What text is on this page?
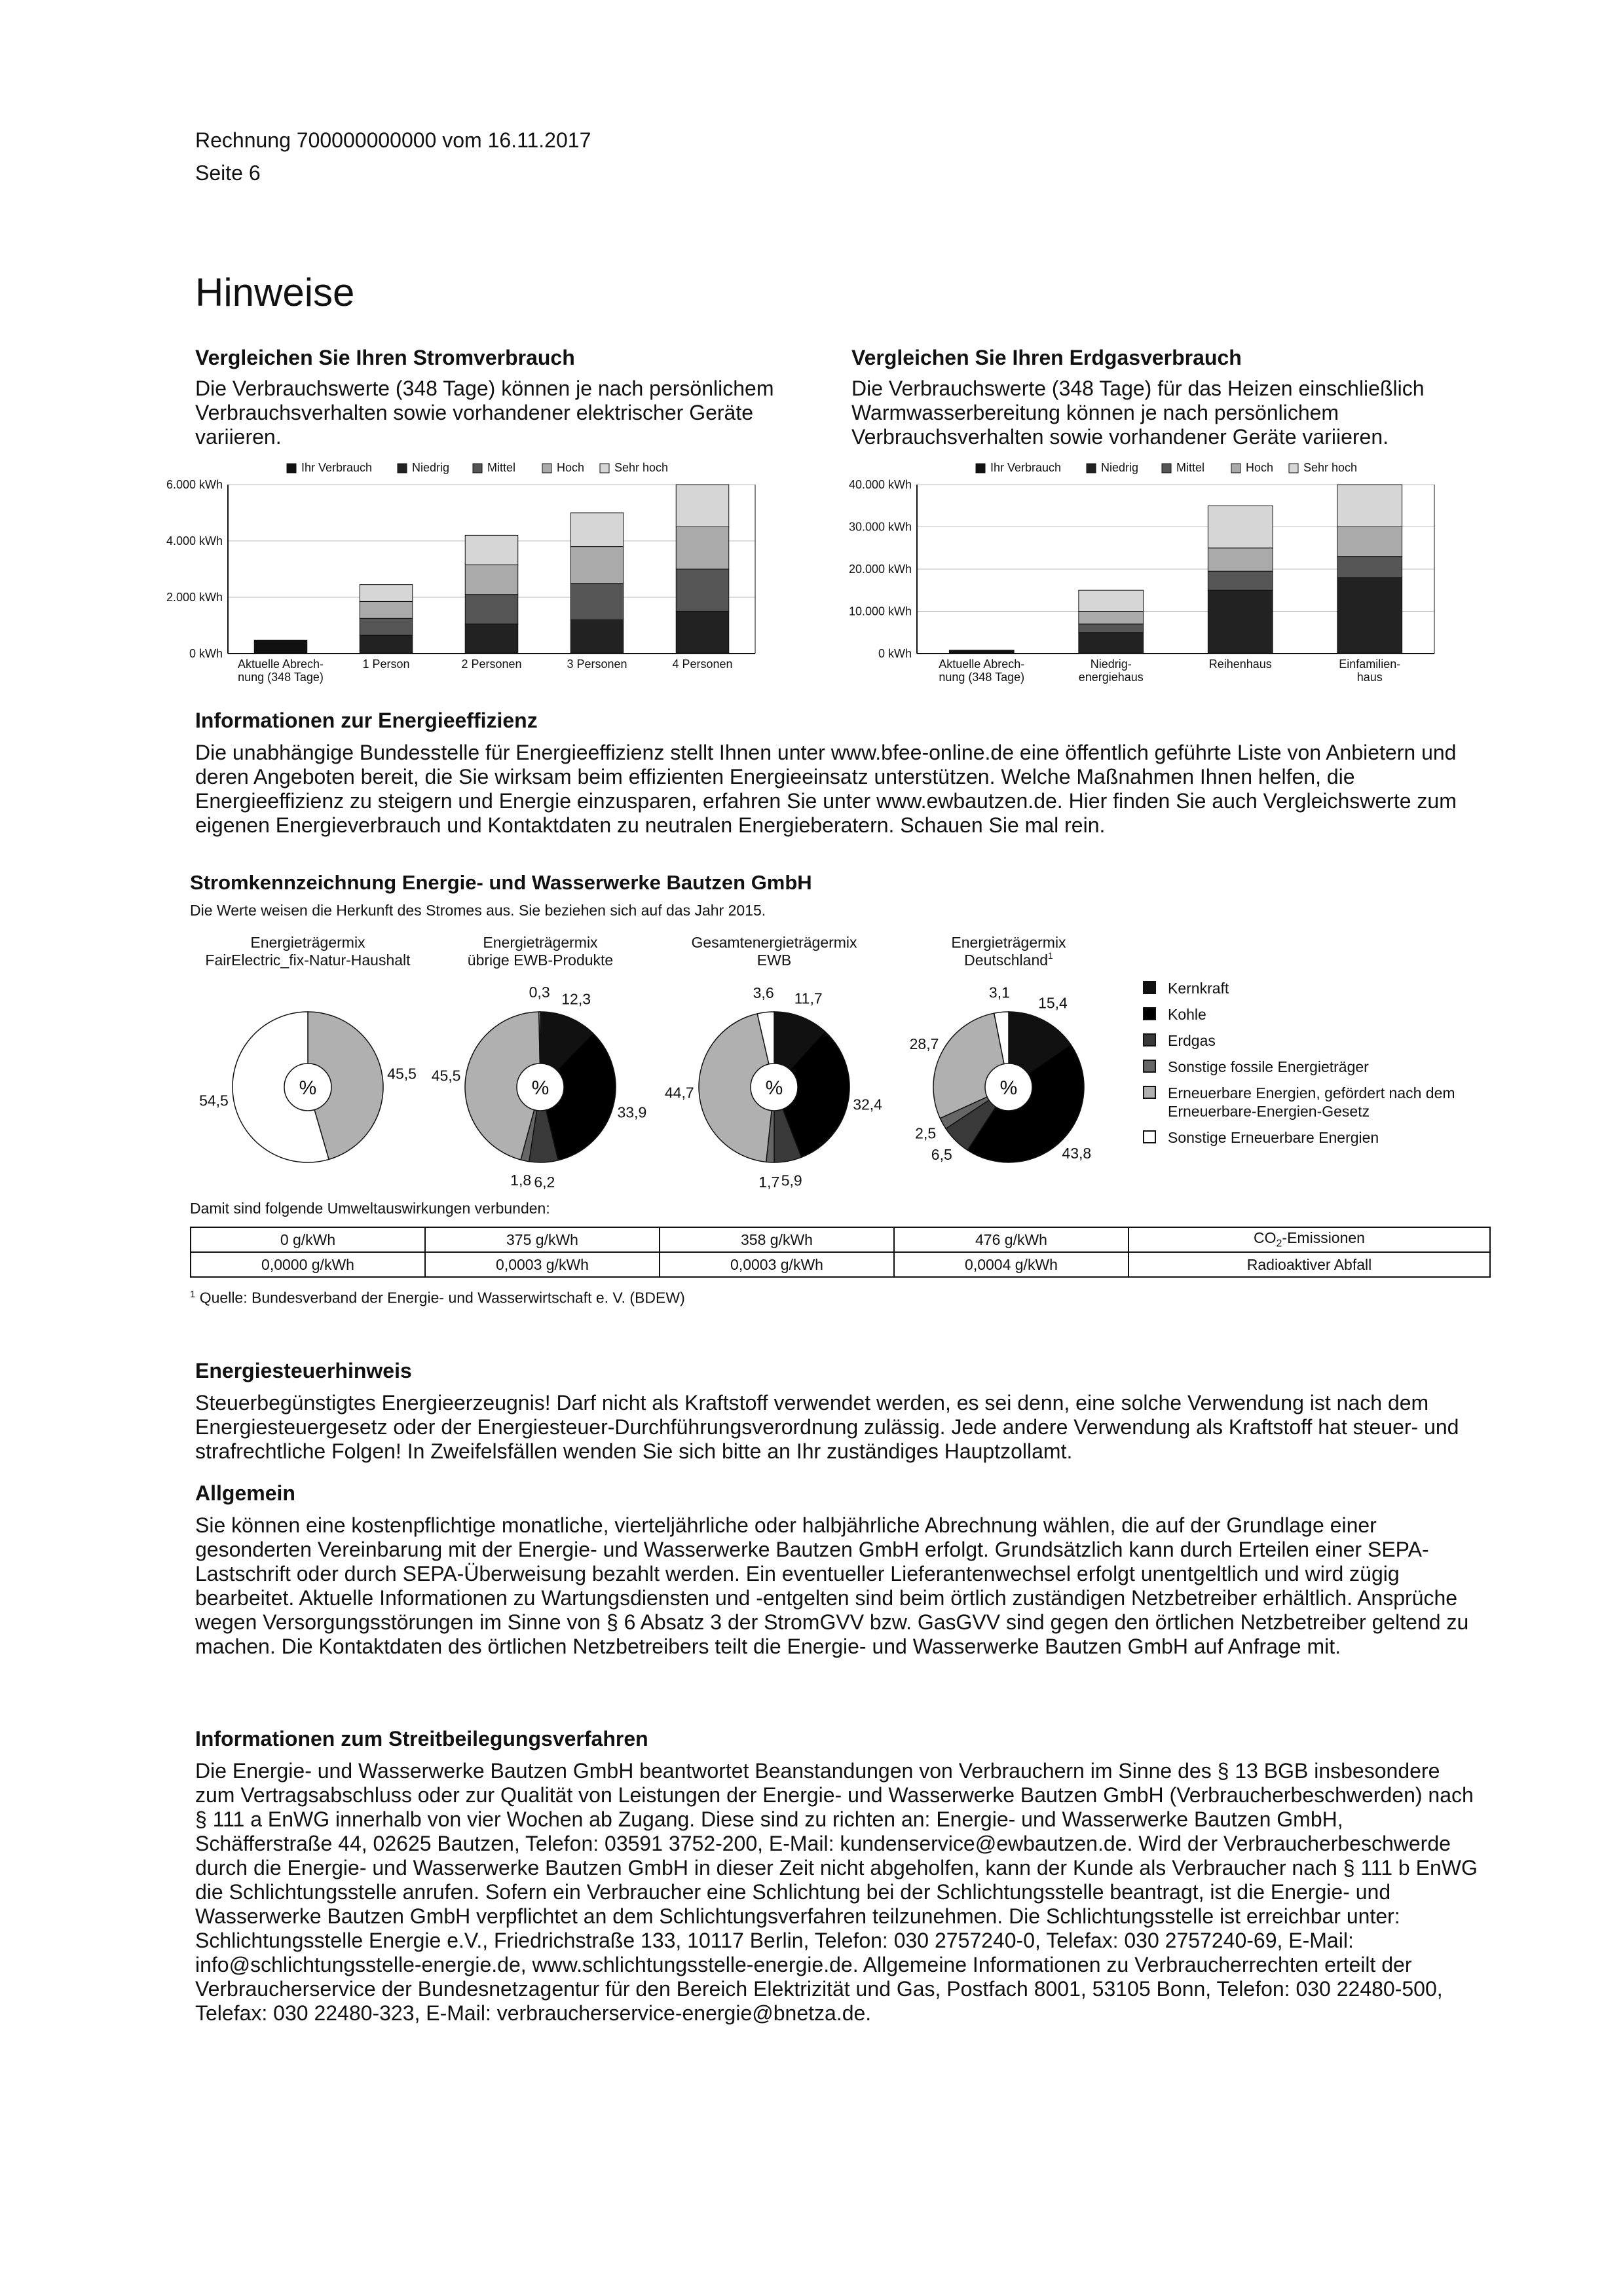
Rechnung 700000000000 vom 16.11.2017
Seite 6
Hinweise
Vergleichen Sie Ihren Stromverbrauch
Die Verbrauchswerte (348 Tage) können je nach persönlichem Verbrauchsverhalten sowie vorhandener elektrischer Geräte variieren.
Vergleichen Sie Ihren Erdgasverbrauch
Die Verbrauchswerte (348 Tage) für das Heizen einschließlich Warmwasserbereitung können je nach persönlichem Verbrauchsverhalten sowie vorhandener Geräte variieren.
Ihr Verbrauch	Niedrig	Mittel	Hoch	Sehr hoch
0 kWh
2.000 kWh
4.000 kWh
6.000 kWh
Aktuelle Abrech-
nung (348 Tage)
1 Person	2 Personen	3 Personen	4 Personen
Ihr Verbrauch	Niedrig	Mittel	Hoch	Sehr hoch
0 kWh
10.000 kWh
20.000 kWh
30.000 kWh
40.000 kWh
Aktuelle Abrech-
nung (348 Tage)
Niedrig-
energiehaus
Reihenhaus	Einfamilien-
haus
Informationen zur Energieeffizienz
Die unabhängige Bundesstelle für Energieeffizienz stellt Ihnen unter www.bfee-online.de eine öffentlich geführte Liste von Anbietern und deren Angeboten bereit, die Sie wirksam beim effizienten Energieeinsatz unterstützen. Welche Maßnahmen Ihnen helfen, die Energieeffizienz zu steigern und Energie einzusparen, erfahren Sie unter www.ewbautzen.de. Hier finden Sie auch Vergleichswerte zum eigenen Energieverbrauch und Kontaktdaten zu neutralen Energieberatern. Schauen Sie mal rein.
Stromkennzeichnung Energie- und Wasserwerke Bautzen GmbH
Die Werte weisen die Herkunft des Stromes aus. Sie beziehen sich auf das Jahr 2015.
45,5
54,5
%
Energieträgermix
FairElectric_fix-Natur-Haushalt
12,3
33,9
6,2
1,8
45,5
0,3
%
Energieträgermix
übrige EWB-Produkte
11,7
32,4
5,9
1,7
44,7
3,6
%
Gesamtenergieträgermix
EWB
15,4
43,8
6,5
2,5
28,7
3,1
%
Energieträgermix
Deutschland$^1$
Kernkraft
Kohle
Erdgas
Sonstige fossile Energieträger
Erneuerbare Energien, gefördert nach dem Erneuerbare-Energien-Gesetz
Sonstige Erneuerbare Energien
Damit sind folgende Umweltauswirkungen verbunden:
0 g/kWh	375 g/kWh	358 g/kWh	476 g/kWh	$CO_2$-Emissionen
0,0000 g/kWh	0,0003 g/kWh	0,0003 g/kWh	0,0004 g/kWh	Radioaktiver Abfall
$^1$ Quelle: Bundesverband der Energie- und Wasserwirtschaft e. V. (BDEW)
Energiesteuerhinweis
Steuerbegünstigtes Energieerzeugnis! Darf nicht als Kraftstoff verwendet werden, es sei denn, eine solche Verwendung ist nach dem Energiesteuergesetz oder der Energiesteuer-Durchführungsverordnung zulässig. Jede andere Verwendung als Kraftstoff hat steuer- und strafrechtliche Folgen! In Zweifelsfällen wenden Sie sich bitte an Ihr zuständiges Hauptzollamt.
Allgemein
Sie können eine kostenpflichtige monatliche, vierteljährliche oder halbjährliche Abrechnung wählen, die auf der Grundlage einer gesonderten Vereinbarung mit der Energie- und Wasserwerke Bautzen GmbH erfolgt. Grundsätzlich kann durch Erteilen einer SEPA-Lastschrift oder durch SEPA-Überweisung bezahlt werden. Ein eventueller Lieferantenwechsel erfolgt unentgeltlich und wird zügig bearbeitet. Aktuelle Informationen zu Wartungsdiensten und -entgelten sind beim örtlich zuständigen Netzbetreiber erhältlich. Ansprüche wegen Versorgungsstörungen im Sinne von § 6 Absatz 3 der StromGVV bzw. GasGVV sind gegen den örtlichen Netzbetreiber geltend zu machen. Die Kontaktdaten des örtlichen Netzbetreibers teilt die Energie- und Wasserwerke Bautzen GmbH auf Anfrage mit.
Informationen zum Streitbeilegungsverfahren
Die Energie- und Wasserwerke Bautzen GmbH beantwortet Beanstandungen von Verbrauchern im Sinne des § 13 BGB insbesondere zum Vertragsabschluss oder zur Qualität von Leistungen der Energie- und Wasserwerke Bautzen GmbH (Verbraucherbeschwerden) nach § 111 a EnWG innerhalb von vier Wochen ab Zugang. Diese sind zu richten an: Energie- und Wasserwerke Bautzen GmbH, Schäfferstraße 44, 02625 Bautzen, Telefon: 03591 3752-200, E-Mail: kundenservice@ewbautzen.de. Wird der Verbraucherbeschwerde durch die Energie- und Wasserwerke Bautzen GmbH in dieser Zeit nicht abgeholfen, kann der Kunde als Verbraucher nach § 111 b EnWG die Schlichtungsstelle anrufen. Sofern ein Verbraucher eine Schlichtung bei der Schlichtungsstelle beantragt, ist die Energie- und Wasserwerke Bautzen GmbH verpflichtet an dem Schlichtungsverfahren teilzunehmen. Die Schlichtungsstelle ist erreichbar unter: Schlichtungsstelle Energie e.V., Friedrichstraße 133, 10117 Berlin, Telefon: 030 2757240-0, Telefax: 030 2757240-69, E-Mail: info@schlichtungsstelle-energie.de, www.schlichtungsstelle-energie.de. Allgemeine Informationen zu Verbraucherrechten erteilt der Verbraucherservice der Bundesnetzagentur für den Bereich Elektrizität und Gas, Postfach 8001, 53105 Bonn, Telefon: 030 22480-500, Telefax: 030 22480-323, E-Mail: verbraucherservice-energie@bnetza.de.
